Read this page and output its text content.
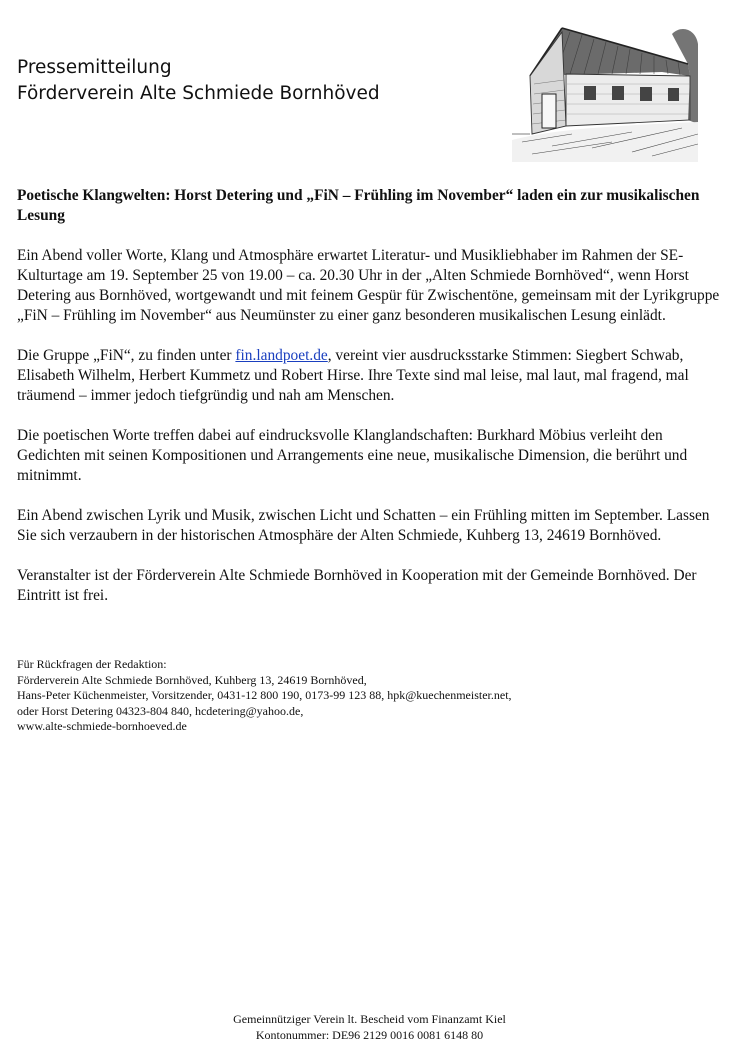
Pressemitteilung
Förderverein Alte Schmiede Bornhöved

Poetische Klangwelten: Horst Detering und „FiN – Frühling im November“ laden ein zur musikalischen Lesung

Ein Abend voller Worte, Klang und Atmosphäre erwartet Literatur- und Musikliebhaber im Rahmen der SE-Kulturtage am 19. September 25 von 19.00 – ca. 20.30 Uhr in der „Alten Schmiede Bornhöved“, wenn Horst Detering aus Bornhöved, wortgewandt und mit feinem Gespür für Zwischentöne, gemeinsam mit der Lyrikgruppe „FiN – Frühling im November“ aus Neumünster zu einer ganz besonderen musikalischen Lesung einlädt.

Die Gruppe „FiN“, zu finden unter fin.landpoet.de, vereint vier ausdrucksstarke Stimmen: Siegbert Schwab, Elisabeth Wilhelm, Herbert Kummetz und Robert Hirse. Ihre Texte sind mal leise, mal laut, mal fragend, mal träumend – immer jedoch tiefgründig und nah am Menschen.

Die poetischen Worte treffen dabei auf eindrucksvolle Klanglandschaften: Burkhard Möbius verleiht den Gedichten mit seinen Kompositionen und Arrangements eine neue, musikalische Dimension, die berührt und mitnimmt.

Ein Abend zwischen Lyrik und Musik, zwischen Licht und Schatten – ein Frühling mitten im September. Lassen Sie sich verzaubern in der historischen Atmosphäre der Alten Schmiede, Kuhberg 13, 24619 Bornhöved.

Veranstalter ist der Förderverein Alte Schmiede Bornhöved in Kooperation mit der Gemeinde Bornhöved. Der Eintritt ist frei.

Für Rückfragen der Redaktion:
Förderverein Alte Schmiede Bornhöved, Kuhberg 13, 24619 Bornhöved,
Hans-Peter Küchenmeister, Vorsitzender, 0431-12 800 190, 0173-99 123 88, hpk@kuechenmeister.net,
oder Horst Detering 04323-804 840, hcdetering@yahoo.de,
www.alte-schmiede-bornhoeved.de
Gemeinnütziger Verein lt. Bescheid vom Finanzamt Kiel
Kontonummer: DE96 2129 0016 0081 6148 80
